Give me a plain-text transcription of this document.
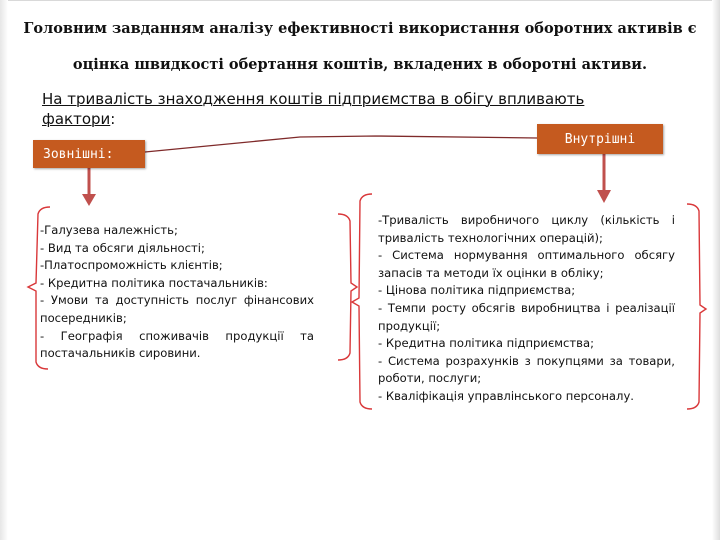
Головним завданням аналізу ефективності використання оборотних активів є
оцінка швидкості обертання коштів, вкладених в оборотні активи.
На тривалість знаходження коштів підприємства в обігу впливають
фактори:
Зовнішні:
Внутрішні
-Галузева належність;
- Вид та обсяги діяльності;
-Платоспроможність клієнтів;
- Кредитна політика постачальників:
- Умови та доступність послуг фінансових посередників;
- Географія споживачів продукції та постачальників сировини.
-Тривалість виробничого циклу (кількість і тривалість технологічних операцій);
- Система нормування оптимального обсягу запасів та методи їх оцінки в обліку;
- Цінова політика підприємства;
- Темпи росту обсягів виробництва і реалізації продукції;
- Кредитна політика підприємства;
- Система розрахунків з покупцями за товари, роботи, послуги;
- Кваліфікація управлінського персоналу.
